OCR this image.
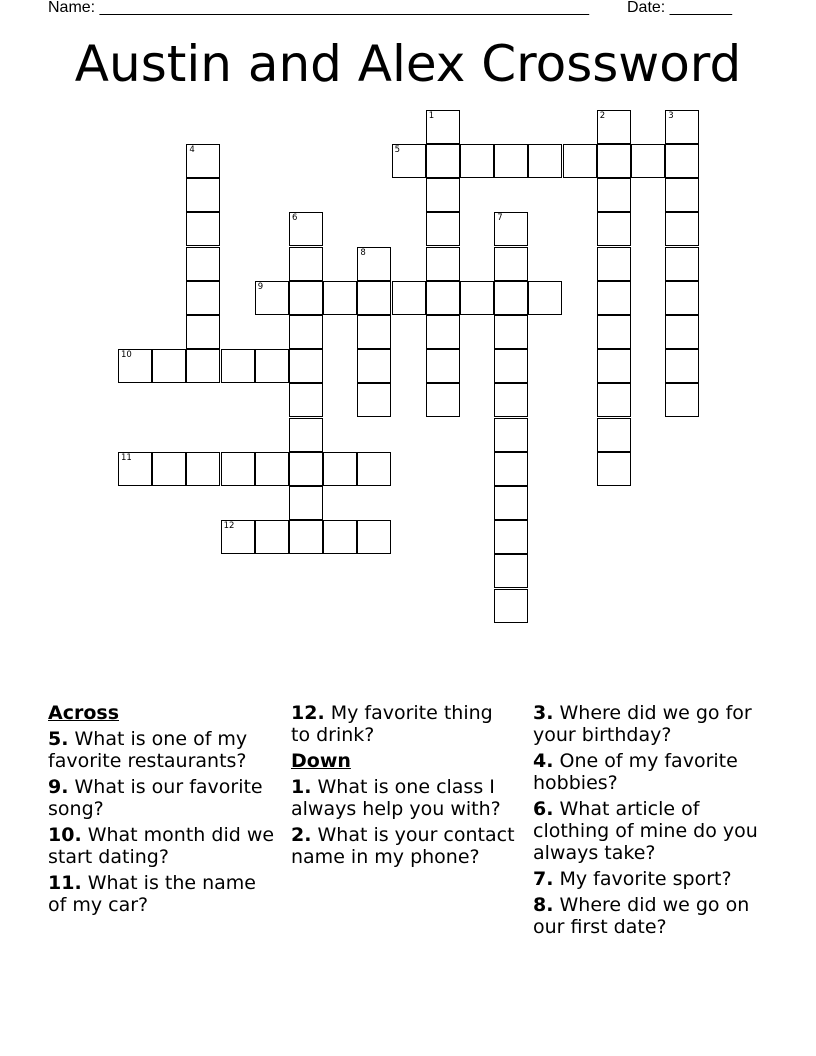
Name: _______________________________________________________ Date: _______
Austin and Alex Crossword
1	2	3
4	5
6	7
8
9
10
11
12
Across
5. What is one of my favorite restaurants?
9. What is our favorite song?
10. What month did we start dating?
11. What is the name of my car?
12. My favorite thing to drink?
Down
1. What is one class I always help you with?
2. What is your contact name in my phone?
3. Where did we go for your birthday?
4. One of my favorite hobbies?
6. What article of clothing of mine do you always take?
7. My favorite sport?
8. Where did we go on our first date?
